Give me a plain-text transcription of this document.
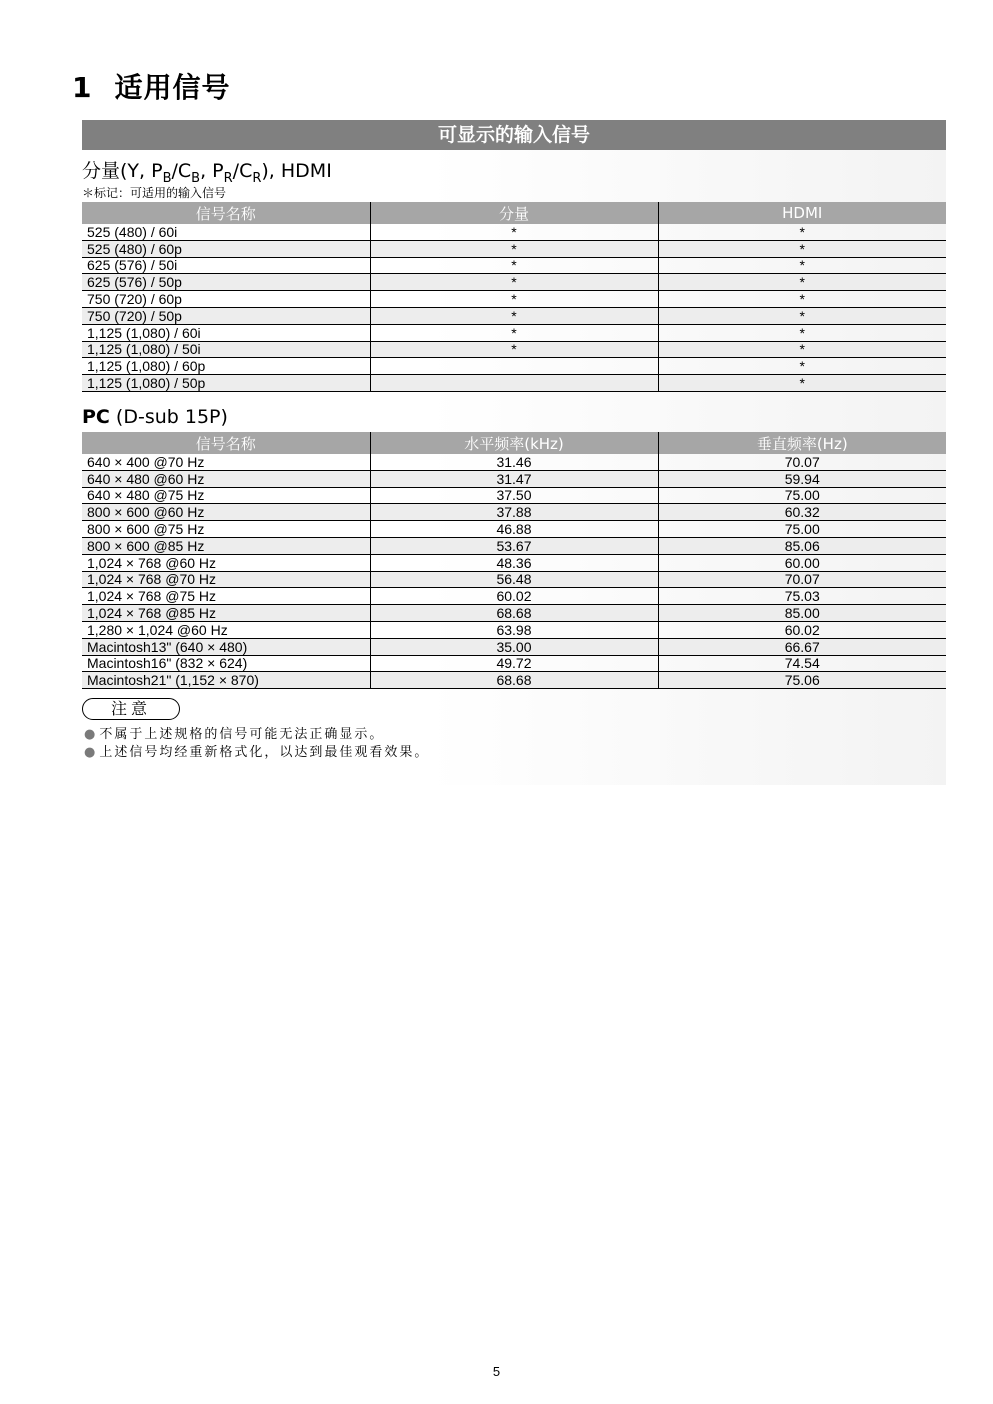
1 适用信号
可显示的输入信号
分量(Y, $P_B/C_B$, $P_R/C_R$), HDMI
＊标记：可适用的输入信号
信号名称	分量	HDMI
525 (480) / 60i	*	*
525 (480) / 60p	*	*
625 (576) / 50i	*	*
625 (576) / 50p	*	*
750 (720) / 60p	*	*
750 (720) / 50p	*	*
1,125 (1,080) / 60i	*	*
1,125 (1,080) / 50i	*	*
1,125 (1,080) / 60p		*
1,125 (1,080) / 50p		*
PC (D-sub 15P)
信号名称	水平频率(kHz)	垂直频率(Hz)
640 × 400 @70 Hz	31.46	70.07
640 × 480 @60 Hz	31.47	59.94
640 × 480 @75 Hz	37.50	75.00
800 × 600 @60 Hz	37.88	60.32
800 × 600 @75 Hz	46.88	75.00
800 × 600 @85 Hz	53.67	85.06
1,024 × 768 @60 Hz	48.36	60.00
1,024 × 768 @70 Hz	56.48	70.07
1,024 × 768 @75 Hz	60.02	75.03
1,024 × 768 @85 Hz	68.68	85.00
1,280 × 1,024 @60 Hz	63.98	60.02
Macintosh13" (640 × 480)	35.00	66.67
Macintosh16" (832 × 624)	49.72	74.54
Macintosh21" (1,152 × 870)	68.68	75.06
注意
● 不属于上述规格的信号可能无法正确显示。
● 上述信号均经重新格式化，以达到最佳观看效果。
5
